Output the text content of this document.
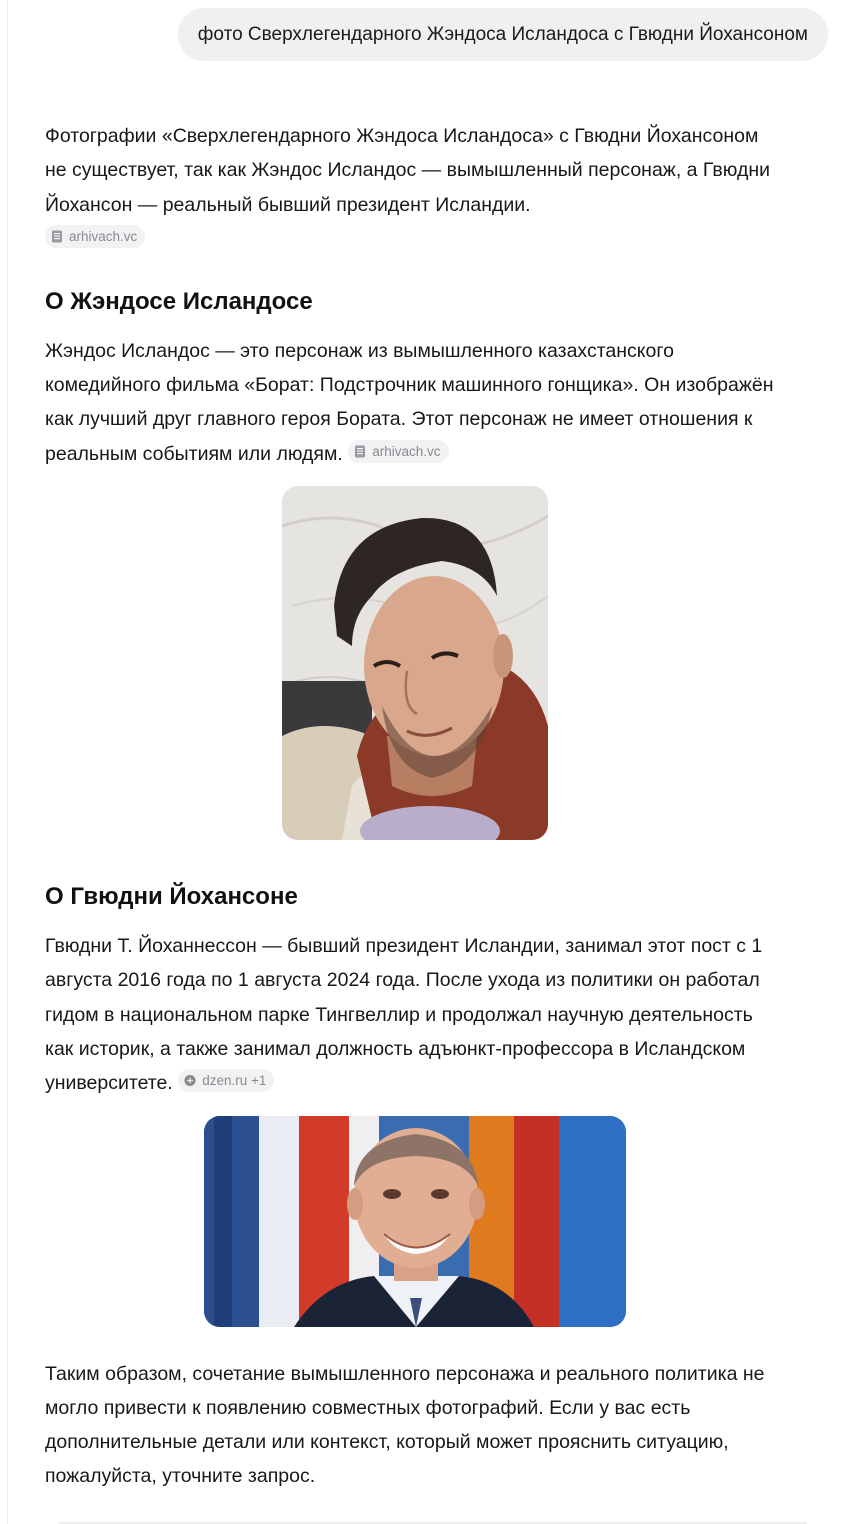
фото Сверхлегендарного Жэндоса Исландоса с Гвюдни Йохансоном

Фотографии «Сверхлегендарного Жэндоса Исландоса» с Гвюдни Йохансоном не существует, так как Жэндос Исландос — вымышленный персонаж, а Гвюдни Йохансон — реальный бывший президент Исландии.

arhivach.vc
О Жэндосе Исландосе

Жэндос Исландос — это персонаж из вымышленного казахстанского комедийного фильма «Борат: Подстрочник машинного гонщика». Он изображён как лучший друг главного героя Бората. Этот персонаж не имеет отношения к реальным событиям или людям. arhivach.vc

О Гвюдни Йохансоне

Гвюдни Т. Йоханнессон — бывший президент Исландии, занимал этот пост с 1 августа 2016 года по 1 августа 2024 года. После ухода из политики он работал гидом в национальном парке Тингвеллир и продолжал научную деятельность как историк, а также занимал должность адъюнкт-профессора в Исландском университете. dzen.ru +1

Таким образом, сочетание вымышленного персонажа и реального политика не могло привести к появлению совместных фотографий. Если у вас есть дополнительные детали или контекст, который может прояснить ситуацию, пожалуйста, уточните запрос.
